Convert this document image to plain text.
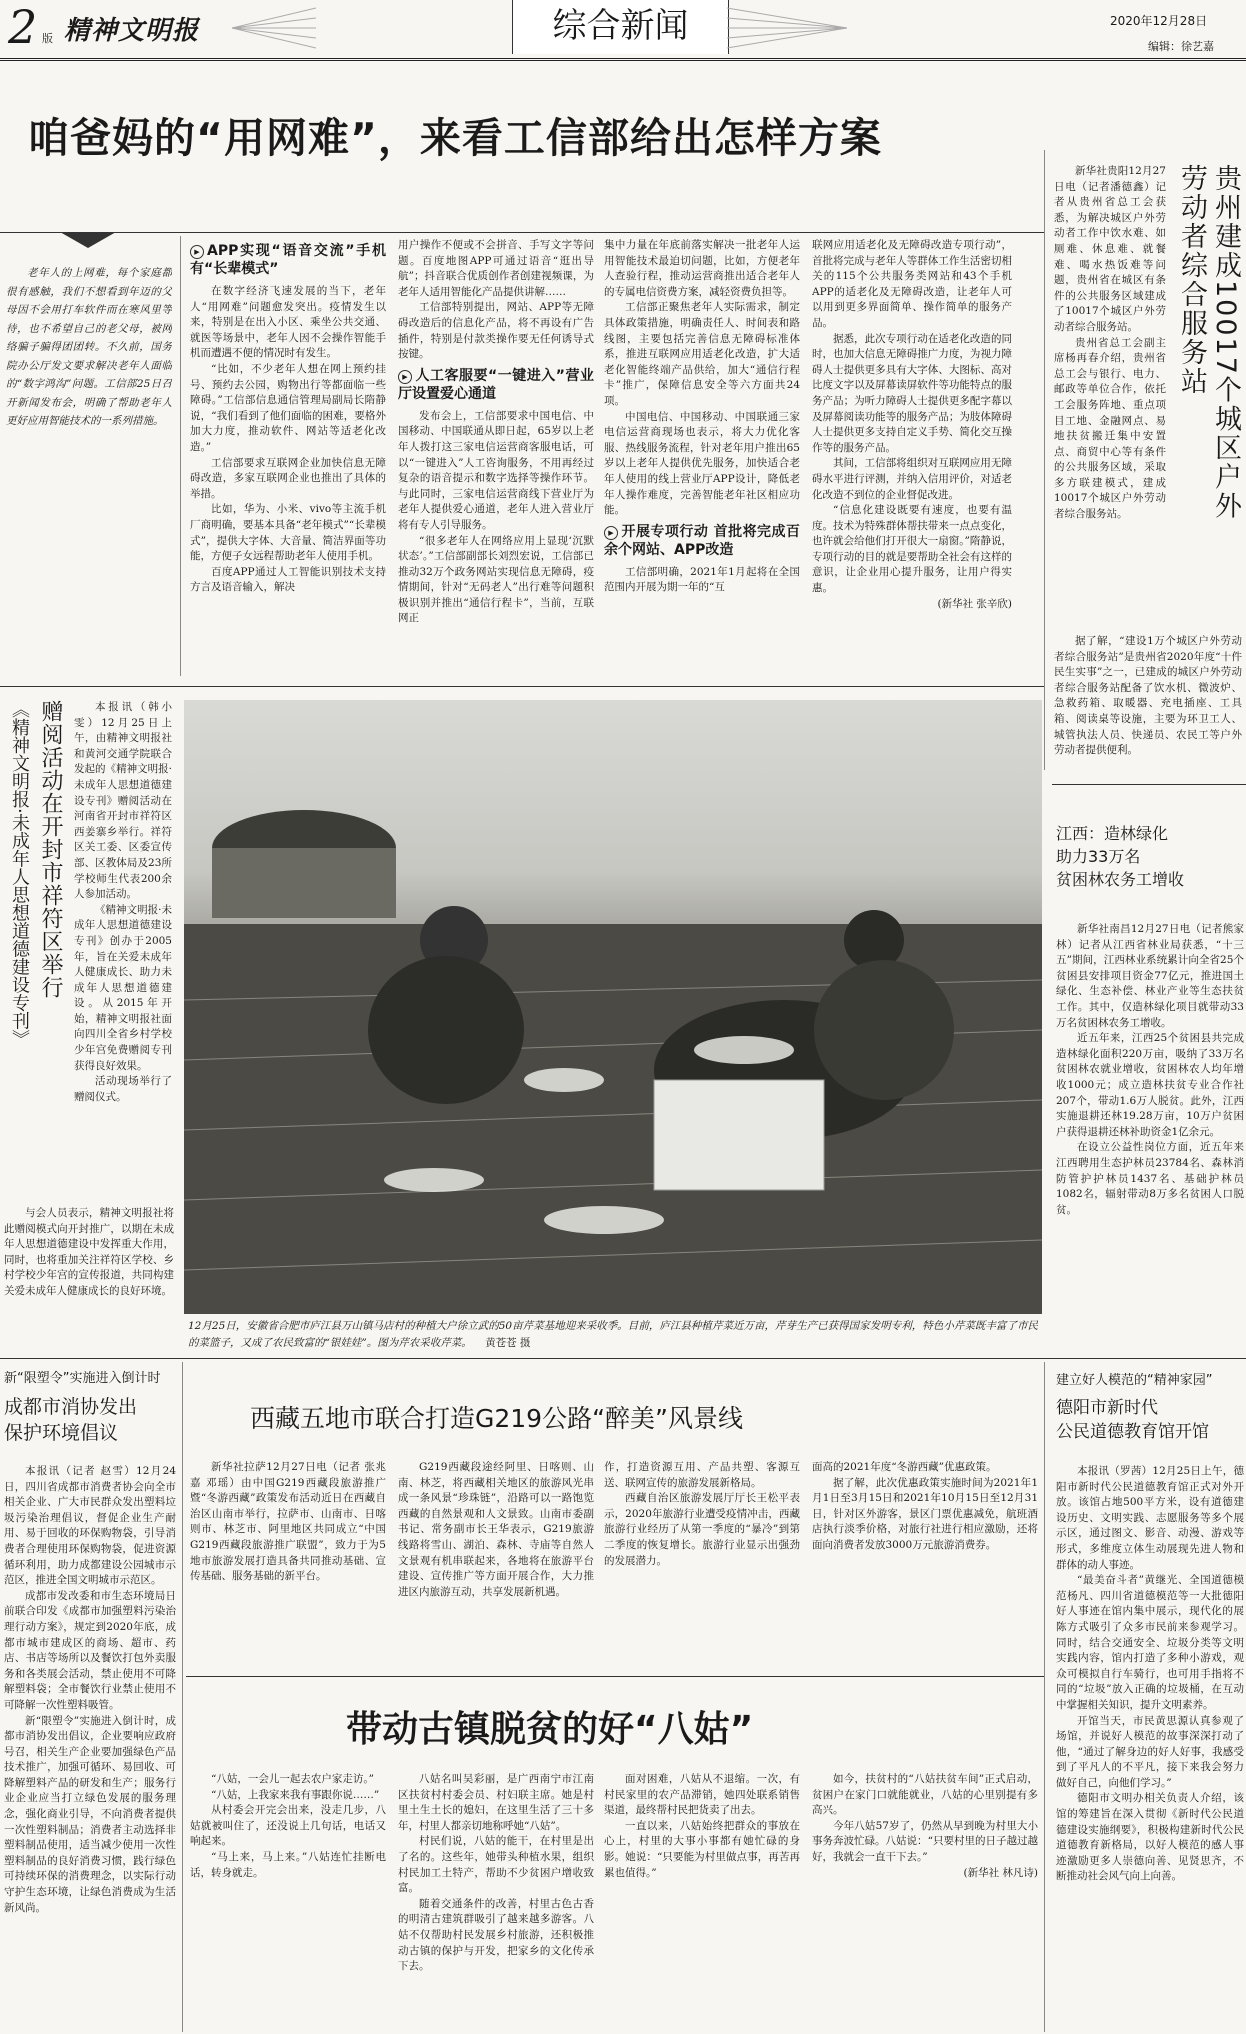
2 版 精神文明报	综合新闻	2020年12月28日
编辑：徐艺嘉
咱爸妈的“用网难”，来看工信部给出怎样方案

老年人的上网难，每个家庭都很有感触，我们不想看到年迈的父母因不会用打车软件而在寒风里等待，也不希望自己的老父母，被网络骗子骗得团团转。不久前，国务院办公厅发文要求解决老年人面临的“数字鸿沟”问题。工信部25日召开新闻发布会，明确了帮助老年人更好应用智能技术的一系列措施。

▶ APP实现“语音交流”手机有“长辈模式”

在数字经济飞速发展的当下，老年人“用网难”问题愈发突出。疫情发生以来，特别是在出入小区、乘坐公共交通、就医等场景中，老年人因不会操作智能手机而遭遇不便的情况时有发生。

“比如，不少老年人想在网上预约挂号、预约去公园，购物出行等都面临一些障碍。”工信部信息通信管理局副局长隋静说，“我们看到了他们面临的困难，要格外加大力度，推动软件、网站等适老化改造。”

工信部要求互联网企业加快信息无障碍改造，多家互联网企业也推出了具体的举措。

比如，华为、小米、vivo等主流手机厂商明确，要基本具备“老年模式”“长辈模式”，提供大字体、大音量、简洁界面等功能，方便子女远程帮助老年人使用手机。

百度APP通过人工智能识别技术支持方言及语音输入，解决

用户操作不便或不会拼音、手写文字等问题。百度地图APP可通过语音“逛出导航”；抖音联合优质创作者创建视频课，为老年人适用智能化产品提供讲解……

工信部特别提出，网站、APP等无障碍改造后的信息化产品，将不再设有广告插件，特别是付款类操作要无任何诱导式按键。

▶ 人工客服要“一键进入”营业厅设置爱心通道

发布会上，工信部要求中国电信、中国移动、中国联通从即日起，65岁以上老年人拨打这三家电信运营商客服电话，可以“一键进入”人工咨询服务，不用再经过复杂的语音提示和数字选择等操作环节。与此同时，三家电信运营商线下营业厅为老年人提供爱心通道，老年人进入营业厅将有专人引导服务。

“很多老年人在网络应用上显现‘沉默状态’。”工信部副部长刘烈宏说，工信部已推动32万个政务网站实现信息无障碍，疫情期间，针对“无码老人”出行难等问题积极识别并推出“通信行程卡”，当前，互联网正

集中力量在年底前落实解决一批老年人运用智能技术最迫切问题，比如，方便老年人查验行程，推动运营商推出适合老年人的专属电信资费方案，减轻资费负担等。

工信部正聚焦老年人实际需求，制定具体政策措施，明确责任人、时间表和路线图，主要包括完善信息无障碍标准体系，推进互联网应用适老化改造，扩大适老化智能终端产品供给，加大“通信行程卡”推广，保障信息安全等六方面共24项。

中国电信、中国移动、中国联通三家电信运营商现场也表示，将大力优化客服、热线服务流程，针对老年用户推出65岁以上老年人提供优先服务，加快适合老年人使用的线上营业厅APP设计，降低老年人操作难度，完善智能老年社区相应功能。

▶ 开展专项行动 首批将完成百余个网站、APP改造

工信部明确，2021年1月起将在全国范围内开展为期一年的“互

联网应用适老化及无障碍改造专项行动”，首批将完成与老年人等群体工作生活密切相关的115个公共服务类网站和43个手机APP的适老化及无障碍改造，让老年人可以用到更多界面简单、操作简单的服务产品。

据悉，此次专项行动在适老化改造的同时，也加大信息无障碍推广力度，为视力障碍人士提供更多具有大字体、大图标、高对比度文字以及屏幕读屏软件等功能特点的服务产品；为听力障碍人士提供更多配字幕以及屏幕阅读功能等的服务产品；为肢体障碍人士提供更多支持自定义手势、简化交互操作等的服务产品。

其间，工信部将组织对互联网应用无障碍水平进行评测，并纳入信用评价，对适老化改造不到位的企业督促改进。

“信息化建设既要有速度，也要有温度。技术为特殊群体帮扶带来一点点变化，也许就会给他们打开很大一扇窗。”隋静说，专项行动的目的就是要帮助全社会有这样的意识，让企业用心提升服务，让用户得实惠。

(新华社 张辛欣)
贵州建成10017个城区户外劳动者综合服务站

新华社贵阳12月27日电（记者潘德鑫）记者从贵州省总工会获悉，为解决城区户外劳动者工作中饮水难、如厕难、休息难、就餐难、喝水热饭难等问题，贵州省在城区有条件的公共服务区域建成了10017个城区户外劳动者综合服务站。

贵州省总工会副主席杨再春介绍，贵州省总工会与银行、电力、邮政等单位合作，依托工会服务阵地、重点项目工地、金融网点、易地扶贫搬迁集中安置点、商贸中心等有条件的公共服务区域，采取多方联建模式，建成10017个城区户外劳动者综合服务站。

据了解，“建设1万个城区户外劳动者综合服务站”是贵州省2020年度“十件民生实事”之一，已建成的城区户外劳动者综合服务站配备了饮水机、微波炉、急救药箱、取暖器、充电插座、工具箱、阅读桌等设施，主要为环卫工人、城管执法人员、快递员、农民工等户外劳动者提供便利。

江西：造林绿化
助力33万名
贫困林农务工增收

新华社南昌12月27日电（记者熊家林）记者从江西省林业局获悉，“十三五”期间，江西林业系统累计向全省25个贫困县安排项目资金77亿元，推进国土绿化、生态补偿、林业产业等生态扶贫工作。其中，仅造林绿化项目就带动33万名贫困林农务工增收。

近五年来，江西25个贫困县共完成造林绿化面积220万亩，吸纳了33万名贫困林农就业增收，贫困林农人均年增收1000元；成立造林扶贫专业合作社207个，带动1.6万人脱贫。此外，江西实施退耕还林19.28万亩，10万户贫困户获得退耕还林补助资金1亿余元。

在设立公益性岗位方面，近五年来江西聘用生态护林员23784名、森林消防管护护林员1437名、基础护林员1082名，辐射带动8万多名贫困人口脱贫。

赠阅活动在开封市祥符区举行
《精神文明报·未成年人思想道德建设专刊》	本报讯（韩小雯）12月25日上午，由精神文明报社和黄河交通学院联合发起的《精神文明报·未成年人思想道德建设专刊》赠阅活动在河南省开封市祥符区西姜寨乡举行。祥符区关工委、区委宣传部、区教体局及23所学校师生代表200余人参加活动。

《精神文明报·未成年人思想道德建设专刊》创办于2005年，旨在关爱未成年人健康成长、助力未成年人思想道德建设。从2015年开始，精神文明报社面向四川全省乡村学校少年宫免费赠阅专刊获得良好效果。

活动现场举行了赠阅仪式。

与会人员表示，精神文明报社将此赠阅模式向开封推广，以期在未成年人思想道德建设中发挥重大作用，同时，也将重加关注祥符区学校、乡村学校少年宫的宣传报道，共同构建关爱未成年人健康成长的良好环境。

12月25日，安徽省合肥市庐江县万山镇马店村的种植大户徐立武的50亩芹菜基地迎来采收季。目前，庐江县种植芹菜近万亩，芹芽生产已获得国家发明专利，特色小芹菜既丰富了市民的菜篮子，又成了农民致富的“银娃娃”。图为芹农采收芹菜。 黄苍苍 摄
新“限塑令”实施进入倒计时
成都市消协发出
保护环境倡议

本报讯（记者 赵雪）12月24日，四川省成都市消费者协会向全市相关企业、广大市民群众发出塑料垃圾污染治理倡议，督促企业生产耐用、易于回收的环保购物袋，引导消费者合理使用环保购物袋，促进资源循环利用，助力成都建设公园城市示范区，推进全国文明城市示范区。

成都市发改委和市生态环境局日前联合印发《成都市加强塑料污染治理行动方案》，规定到2020年底，成都市城市建成区的商场、超市、药店、书店等场所以及餐饮打包外卖服务和各类展会活动，禁止使用不可降解塑料袋；全市餐饮行业禁止使用不可降解一次性塑料吸管。

新“限塑令”实施进入倒计时，成都市消协发出倡议，企业要响应政府号召，相关生产企业要加强绿色产品技术推广，加强可循环、易回收、可降解塑料产品的研发和生产；服务行业企业应当打立绿色发展的服务理念，强化商业引导，不向消费者提供一次性塑料制品；消费者主动选择非塑料制品使用，适当减少使用一次性塑料制品的良好消费习惯，践行绿色可持续环保的消费理念，以实际行动守护生态环境，让绿色消费成为生活新风尚。

西藏五地市联合打造G219公路“醉美”风景线

新华社拉萨12月27日电（记者 张兆嘉 邓瑶）由中国G219西藏段旅游推广暨“冬游西藏”政策发布活动近日在西藏自治区山南市举行，拉萨市、山南市、日喀则市、林芝市、阿里地区共同成立“中国G219西藏段旅游推广联盟”，致力于为5地市旅游发展打造具备共同推动基础、宣传基础、服务基础的新平台。

G219西藏段途经阿里、日喀则、山南、林芝，将西藏相关地区的旅游风光串成一条风景“珍珠链”，沿路可以一路饱览西藏的自然景观和人文景致。山南市委副书记、常务副市长王华表示，G219旅游线路将雪山、湖泊、森林、寺庙等自然人文景观有机串联起来，各地将在旅游平台建设、宣传推广等方面开展合作，大力推进区内旅游互动，共享发展新机遇。

作，打造资源互用、产品共塑、客源互送、联网宣传的旅游发展新格局。

西藏自治区旅游发展厅厅长王松平表示，2020年旅游行业遭受疫情冲击，西藏旅游行业经历了从第一季度的“暴冷”到第二季度的恢复增长。旅游行业显示出强劲的发展潜力。

面高的2021年度“冬游西藏”优惠政策。

据了解，此次优惠政策实施时间为2021年1月1日至3月15日和2021年10月15日至12月31日，针对区外游客，景区门票优惠减免，航班酒店执行淡季价格，对旅行社进行相应激励，还将面向消费者发放3000万元旅游消费券。

带动古镇脱贫的好“八姑”

“八姑，一会儿一起去农户家走访。”

“八姑，上我家来我有事跟你说……”

从村委会开完会出来，没走几步，八姑就被叫住了，还没说上几句话，电话又响起来。

“马上来，马上来。”八姑连忙挂断电话，转身就走。

八姑名叫吴彩丽，是广西南宁市江南区扶贫村村委会员、村妇联主席。她是村里土生土长的媳妇，在这里生活了三十多年，村里人都亲切地称呼她“八姑”。

村民们说，八姑的能干，在村里是出了名的。这些年，她带头种植水果，组织村民加工土特产，帮助不少贫困户增收致富。

随着交通条件的改善，村里古色古香的明清古建筑群吸引了越来越多游客。八姑不仅帮助村民发展乡村旅游，还积极推动古镇的保护与开发，把家乡的文化传承下去。

面对困难，八姑从不退缩。一次，有村民家里的农产品滞销，她四处联系销售渠道，最终帮村民把货卖了出去。

一直以来，八姑始终把群众的事放在心上，村里的大事小事都有她忙碌的身影。她说：“只要能为村里做点事，再苦再累也值得。”

如今，扶贫村的“八姑扶贫车间”正式启动，贫困户在家门口就能就业，八姑的心里别提有多高兴。

今年八姑57岁了，仍然从早到晚为村里大小事务奔波忙碌。八姑说：“只要村里的日子越过越好，我就会一直干下去。”

(新华社 林凡诗)
建立好人模范的“精神家园”
德阳市新时代
公民道德教育馆开馆

本报讯（罗茜）12月25日上午，德阳市新时代公民道德教育馆正式对外开放。该馆占地500平方米，设有道德建设历史、文明实践、志愿服务等多个展示区，通过图文、影音、动漫、游戏等形式，多维度立体生动展现先进人物和群体的动人事迹。

“最美奋斗者”黄继光、全国道德模范杨凡、四川省道德模范等一大批德阳好人事迹在馆内集中展示，现代化的展陈方式吸引了众多市民前来参观学习。同时，结合交通安全、垃圾分类等文明实践内容，馆内打造了多种小游戏，观众可模拟自行车骑行，也可用手指将不同的“垃圾”放入正确的垃圾桶，在互动中掌握相关知识，提升文明素养。

开馆当天，市民黄思源认真参观了场馆，并说好人模范的故事深深打动了他，“通过了解身边的好人好事，我感受到了平凡人的不平凡，接下来我会努力做好自己，向他们学习。”

德阳市文明办相关负责人介绍，该馆的筹建旨在深入贯彻《新时代公民道德建设实施纲要》，积极构建新时代公民道德教育新格局，以好人模范的感人事迹激励更多人崇德向善、见贤思齐，不断推动社会风气向上向善。
